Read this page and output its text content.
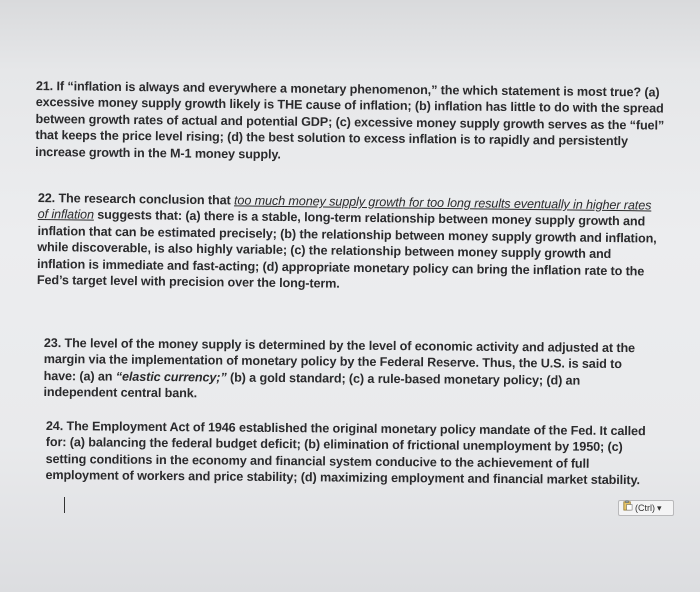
21. If “inflation is always and everywhere a monetary phenomenon,” the which statement is most true? (a) excessive money supply growth likely is THE cause of inflation; (b) inflation has little to do with the spread between growth rates of actual and potential GDP; (c) excessive money supply growth serves as the “fuel” that keeps the price level rising; (d) the best solution to excess inflation is to rapidly and persistently increase growth in the M-1 money supply.
22. The research conclusion that too much money supply growth for too long results eventually in higher rates of inflation suggests that: (a) there is a stable, long-term relationship between money supply growth and inflation that can be estimated precisely; (b) the relationship between money supply growth and inflation, while discoverable, is also highly variable; (c) the relationship between money supply growth and inflation is immediate and fast-acting; (d) appropriate monetary policy can bring the inflation rate to the Fed’s target level with precision over the long-term.
23. The level of the money supply is determined by the level of economic activity and adjusted at the margin via the implementation of monetary policy by the Federal Reserve. Thus, the U.S. is said to have: (a) an “elastic currency;” (b) a gold standard; (c) a rule-based monetary policy; (d) an independent central bank.
24. The Employment Act of 1946 established the original monetary policy mandate of the Fed. It called for: (a) balancing the federal budget deficit; (b) elimination of frictional unemployment by 1950; (c) setting conditions in the economy and financial system conducive to the achievement of full employment of workers and price stability; (d) maximizing employment and financial market stability.
(Ctrl) ▾
